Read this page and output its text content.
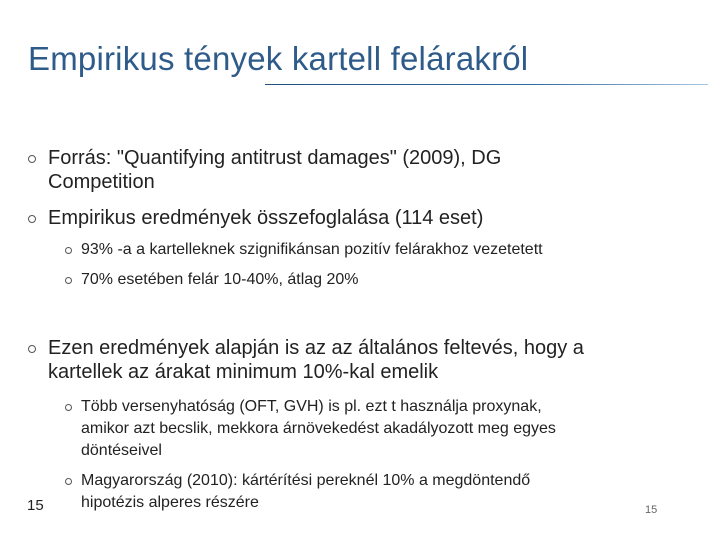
Empirikus tények kartell felárakról
Forrás: "Quantifying antitrust damages" (2009), DG
Competition
Empirikus eredmények összefoglalása (114 eset)
93% -a a kartelleknek szignifikánsan pozitív felárakhoz vezetetett
70% esetében felár 10-40%, átlag 20%
Ezen eredmények alapján is az az általános feltevés, hogy a
kartellek az árakat minimum 10%-kal emelik
Több versenyhatóság (OFT, GVH) is pl. ezt t használja proxynak,
amikor azt becslik, mekkora árnövekedést akadályozott meg egyes
döntéseivel
Magyarország (2010): kártérítési pereknél 10% a megdöntendő
hipotézis alperes részére
15	15
